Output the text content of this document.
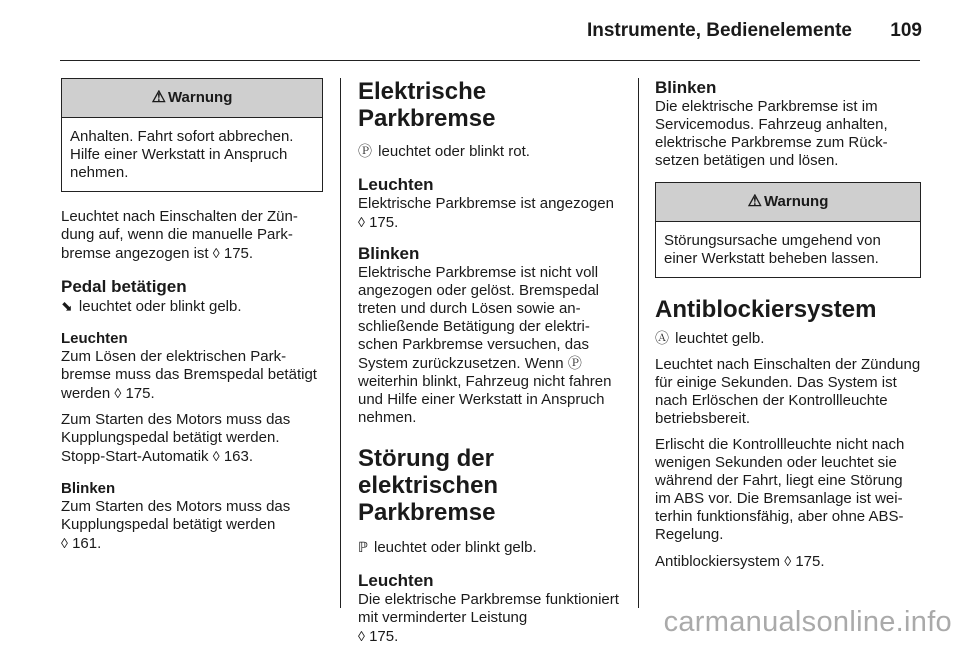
Instrumente, Bedienelemente 109
⚠ Warnung
Anhalten. Fahrt sofort abbrechen. Hilfe einer Werkstatt in Anspruch nehmen.

Leuchtet nach Einschalten der Zündung auf, wenn die manuelle Parkbremse angezogen ist ◊ 175.

Pedal betätigen

⬊ leuchtet oder blinkt gelb.

Leuchten

Zum Lösen der elektrischen Parkbremse muss das Bremspedal betätigt werden ◊ 175.

Zum Starten des Motors muss das Kupplungspedal betätigt werden. Stopp-Start-Automatik ◊ 163.

Blinken

Zum Starten des Motors muss das Kupplungspedal betätigt werden
◊ 161.

Elektrische Parkbremse

Ⓟ leuchtet oder blinkt rot.

Leuchten

Elektrische Parkbremse ist angezogen ◊ 175.

Blinken

Elektrische Parkbremse ist nicht voll angezogen oder gelöst. Bremspedal treten und durch Lösen sowie anschließende Betätigung der elektrischen Parkbremse versuchen, das System zurückzusetzen. Wenn Ⓟ weiterhin blinkt, Fahrzeug nicht fahren und Hilfe einer Werkstatt in Anspruch nehmen.

Störung der elektrischen Parkbremse

ℙ leuchtet oder blinkt gelb.

Leuchten

Die elektrische Parkbremse funktioniert mit verminderter Leistung
◊ 175.

Blinken

Die elektrische Parkbremse ist im Servicemodus. Fahrzeug anhalten, elektrische Parkbremse zum Rücksetzen betätigen und lösen.

⚠ Warnung
Störungsursache umgehend von einer Werkstatt beheben lassen.
Antiblockiersystem

Ⓐ leuchtet gelb.

Leuchtet nach Einschalten der Zündung für einige Sekunden. Das System ist nach Erlöschen der Kontrollleuchte betriebsbereit.

Erlischt die Kontrollleuchte nicht nach wenigen Sekunden oder leuchtet sie während der Fahrt, liegt eine Störung im ABS vor. Die Bremsanlage ist weiterhin funktionsfähig, aber ohne ABS-Regelung.

Antiblockiersystem ◊ 175.

carmanualsonline.info
